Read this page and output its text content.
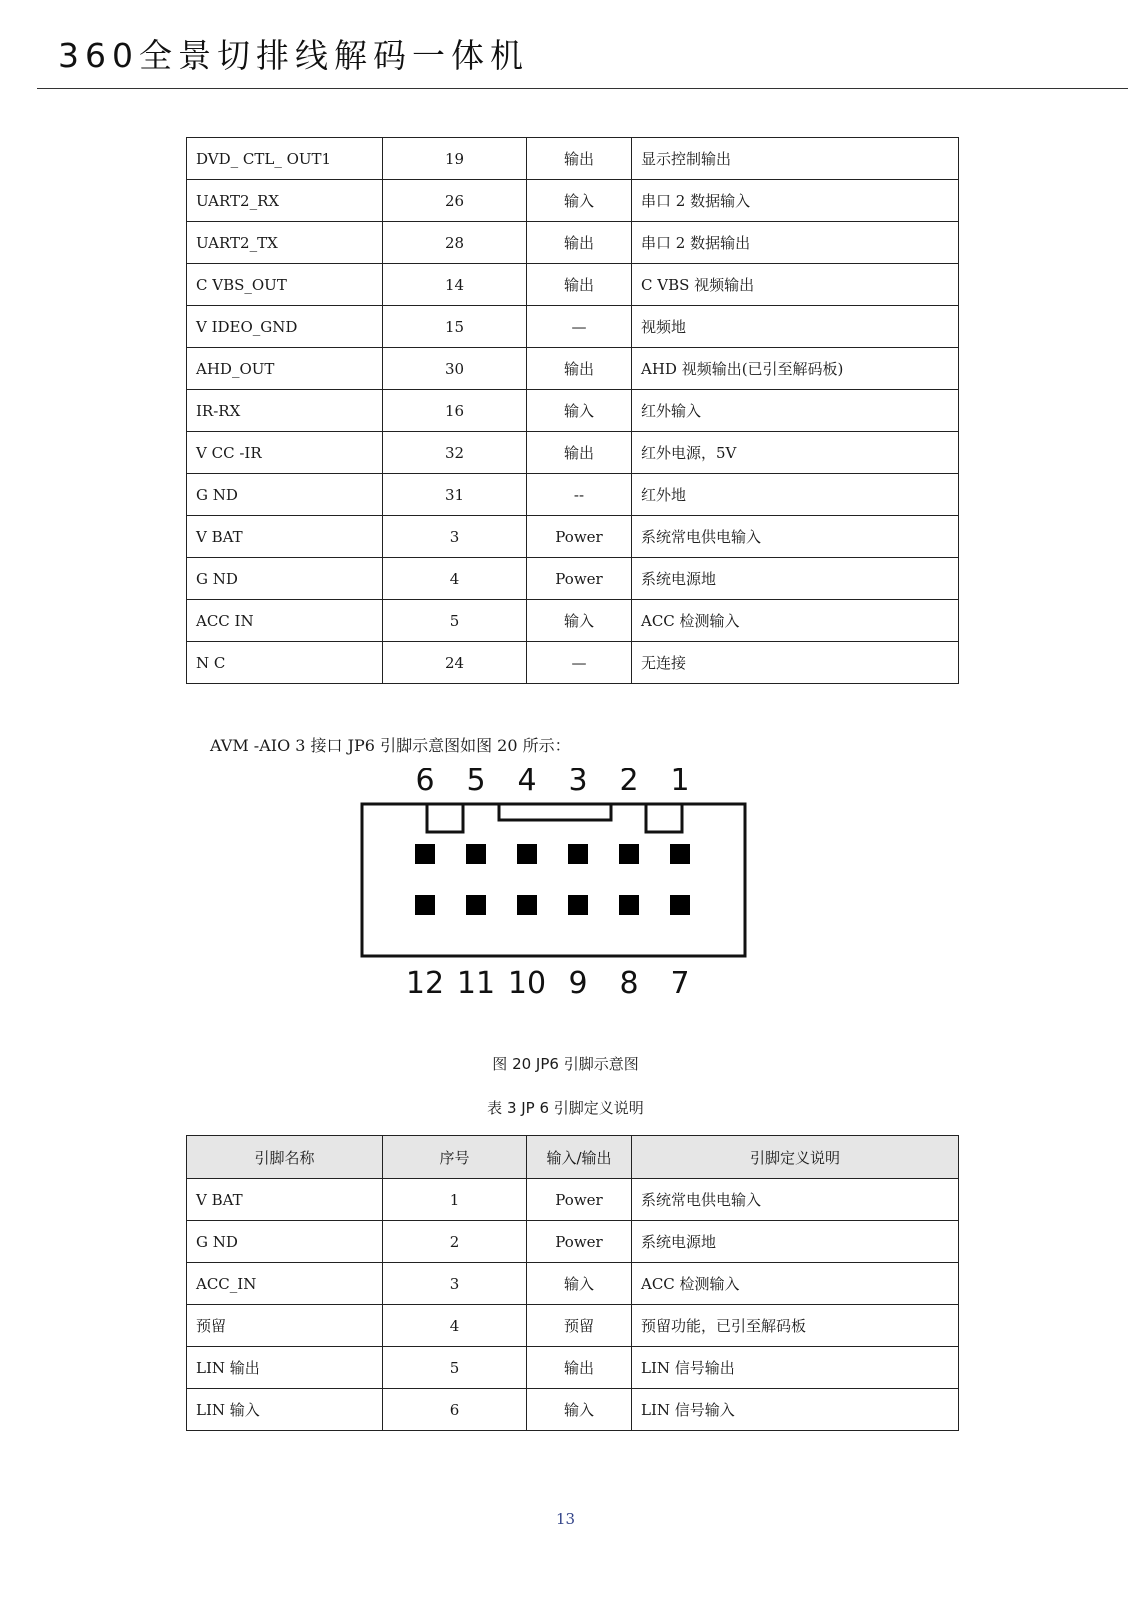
360全景切排线解码一体机
DVD_ CTL_ OUT1	19	输出	显示控制输出
UART2_RX	26	输入	串口 2 数据输入
UART2_TX	28	输出	串口 2 数据输出
C VBS_OUT	14	输出	C VBS 视频输出
V IDEO_GND	15	—	视频地
AHD_OUT	30	输出	AHD 视频输出(已引至解码板)
IR-RX	16	输入	红外输入
V CC -IR	32	输出	红外电源，5V
G ND	31	--	红外地
V BAT	3	Power	系统常电供电输入
G ND	4	Power	系统电源地
ACC IN	5	输入	ACC 检测输入
N C	24	—	无连接
AVM -AIO 3 接口 JP6 引脚示意图如图 20 所示：
6 5 4 3 2 1
12 11 10 9 8 7
图 20 JP6 引脚示意图
表 3 JP 6 引脚定义说明
引脚名称	序号	输入/输出	引脚定义说明
V BAT	1	Power	系统常电供电输入
G ND	2	Power	系统电源地
ACC_IN	3	输入	ACC 检测输入
预留	4	预留	预留功能，已引至解码板
LIN 输出	5	输出	LIN 信号输出
LIN 输入	6	输入	LIN 信号输入
13
